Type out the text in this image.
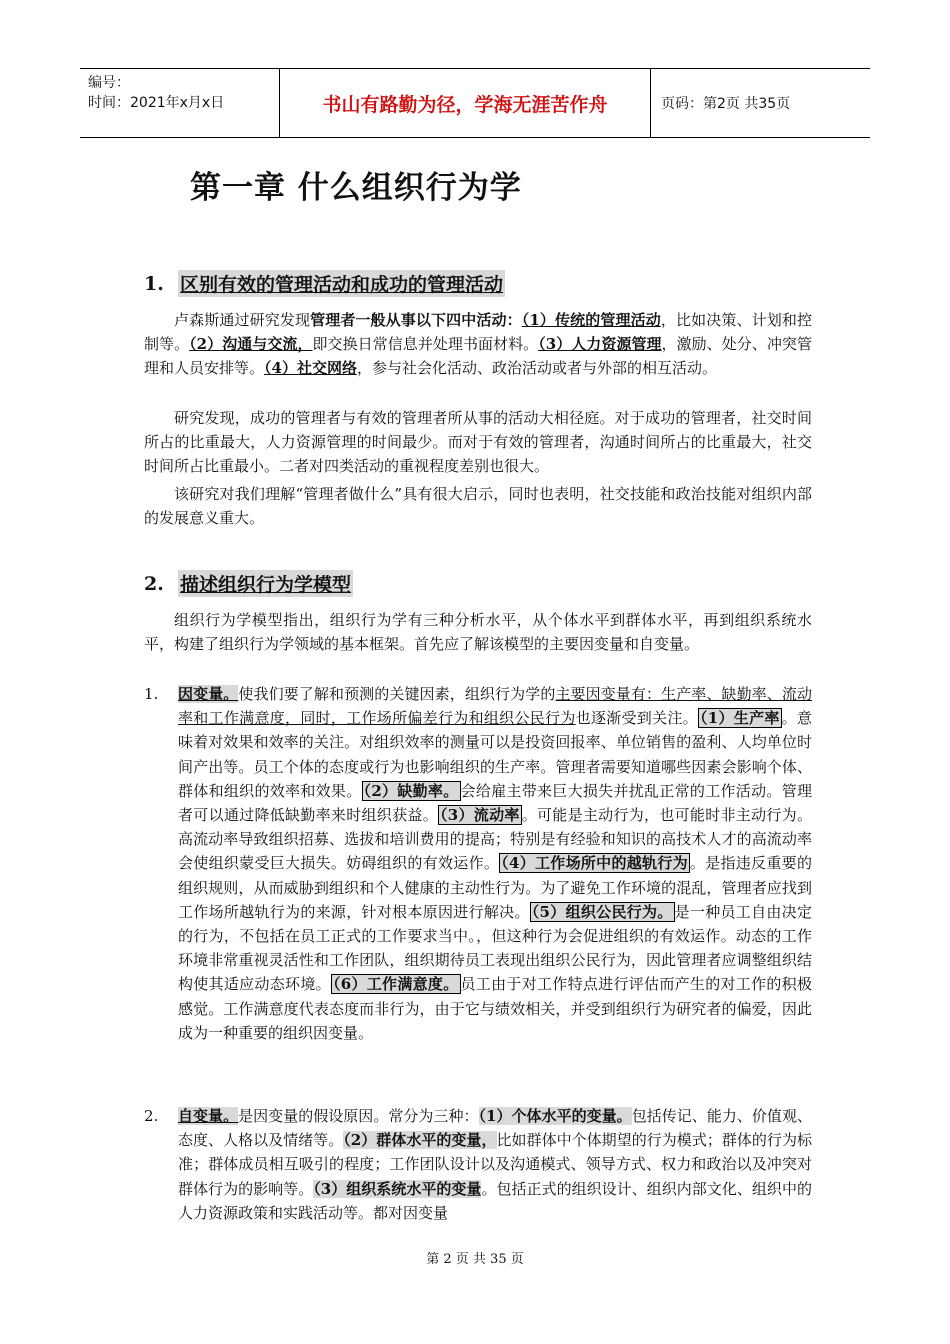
编号：
时间：2021年x月x日	书山有路勤为径，学海无涯苦作舟	页码：第2页 共35页
第一章 什么组织行为学
1. 区别有效的管理活动和成功的管理活动
卢森斯通过研究发现管理者一般从事以下四中活动：（1）传统的管理活动，比如决策、计划和控制等。（2）沟通与交流，即交换日常信息并处理书面材料。（3）人力资源管理，激励、处分、冲突管理和人员安排等。（4）社交网络，参与社会化活动、政治活动或者与外部的相互活动。
研究发现，成功的管理者与有效的管理者所从事的活动大相径庭。对于成功的管理者，社交时间所占的比重最大，人力资源管理的时间最少。而对于有效的管理者，沟通时间所占的比重最大，社交时间所占比重最小。二者对四类活动的重视程度差别也很大。
该研究对我们理解“管理者做什么”具有很大启示，同时也表明，社交技能和政治技能对组织内部的发展意义重大。
2. 描述组织行为学模型
组织行为学模型指出，组织行为学有三种分析水平，从个体水平到群体水平，再到组织系统水平，构建了组织行为学领域的基本框架。首先应了解该模型的主要因变量和自变量。
1. 因变量。使我们要了解和预测的关键因素，组织行为学的主要因变量有：生产率、缺勤率、流动率和工作满意度，同时，工作场所偏差行为和组织公民行为也逐渐受到关注。 （1）生产率 。意味着对效果和效率的关注。对组织效率的测量可以是投资回报率、单位销售的盈利、人均单位时间产出等。员工个体的态度或行为也影响组织的生产率。管理者需要知道哪些因素会影响个体、群体和组织的效率和效果。 （2）缺勤率。 会给雇主带来巨大损失并扰乱正常的工作活动。管理者可以通过降低缺勤率来时组织获益。 （3）流动率 。可能是主动行为，也可能时非主动行为。高流动率导致组织招募、选拔和培训费用的提高；特别是有经验和知识的高技术人才的高流动率会使组织蒙受巨大损失。妨碍组织的有效运作。 （4）工作场所中的越轨行为 。是指违反重要的组织规则，从而威胁到组织和个人健康的主动性行为。为了避免工作环境的混乱，管理者应找到工作场所越轨行为的来源，针对根本原因进行解决。 （5）组织公民行为。 是一种员工自由决定的行为，不包括在员工正式的工作要求当中。，但这种行为会促进组织的有效运作。动态的工作环境非常重视灵活性和工作团队，组织期待员工表现出组织公民行为，因此管理者应调整组织结构使其适应动态环境。 （6）工作满意度。 员工由于对工作特点进行评估而产生的对工作的积极感觉。工作满意度代表态度而非行为，由于它与绩效相关，并受到组织行为研究者的偏爱，因此成为一种重要的组织因变量。
2. 自变量。是因变量的假设原因。常分为三种：（1）个体水平的变量。包括传记、能力、价值观、态度、人格以及情绪等。（2）群体水平的变量，比如群体中个体期望的行为模式；群体的行为标准；群体成员相互吸引的程度；工作团队设计以及沟通模式、领导方式、权力和政治以及冲突对群体行为的影响等。（3）组织系统水平的变量。包括正式的组织设计、组织内部文化、组织中的人力资源政策和实践活动等。都对因变量
第 2 页 共 35 页
